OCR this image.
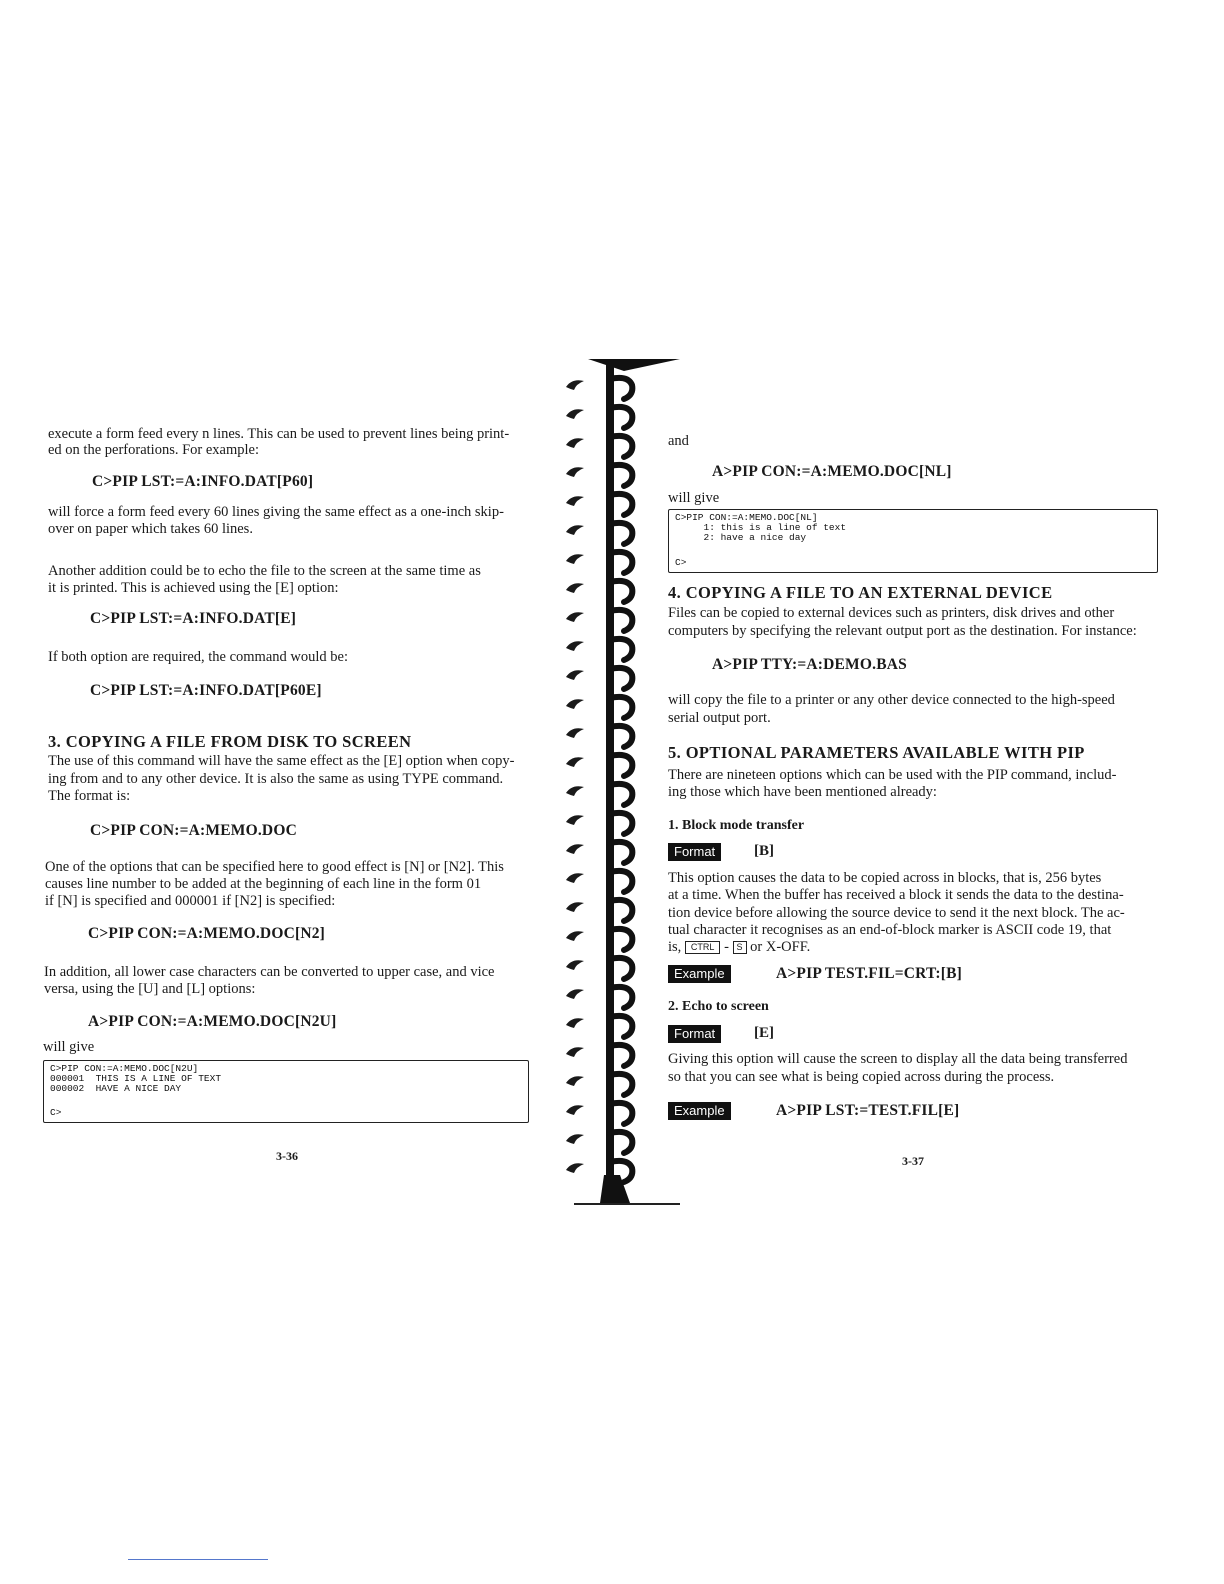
execute a form feed every n lines. This can be used to prevent lines being print-

ed on the perforations. For example:

C>PIP LST:=A:INFO.DAT[P60]

will force a form feed every 60 lines giving the same effect as a one-inch skip-

over on paper which takes 60 lines.

Another addition could be to echo the file to the screen at the same time as

it is printed. This is achieved using the [E] option:

C>PIP LST:=A:INFO.DAT[E]

If both option are required, the command would be:

C>PIP LST:=A:INFO.DAT[P60E]
3. COPYING A FILE FROM DISK TO SCREEN

The use of this command will have the same effect as the [E] option when copy-

ing from and to any other device. It is also the same as using TYPE command.

The format is:

C>PIP CON:=A:MEMO.DOC

One of the options that can be specified here to good effect is [N] or [N2]. This

causes line number to be added at the beginning of each line in the form 01

if [N] is specified and 000001 if [N2] is specified:

C>PIP CON:=A:MEMO.DOC[N2]

In addition, all lower case characters can be converted to upper case, and vice

versa, using the [U] and [L] options:

A>PIP CON:=A:MEMO.DOC[N2U]

will give

C>PIP CON:=A:MEMO.DOC[N2U]
000001  THIS IS A LINE OF TEXT
000002  HAVE A NICE DAY
C>
3-36

and

A>PIP CON:=A:MEMO.DOC[NL]

will give

C>PIP CON:=A:MEMO.DOC[NL]
1: this is a line of text
2: have a nice day
C>
4. COPYING A FILE TO AN EXTERNAL DEVICE

Files can be copied to external devices such as printers, disk drives and other

computers by specifying the relevant output port as the destination. For instance:

A>PIP TTY:=A:DEMO.BAS

will copy the file to a printer or any other device connected to the high-speed

serial output port.

5. OPTIONAL PARAMETERS AVAILABLE WITH PIP

There are nineteen options which can be used with the PIP command, includ-

ing those which have been mentioned already:

1. Block mode transfer
Format	[B]

This option causes the data to be copied across in blocks, that is, 256 bytes

at a time. When the buffer has received a block it sends the data to the destina-

tion device before allowing the source device to send it the next block. The ac-

tual character it recognises as an end-of-block marker is ASCII code 19, that

is, CTRL - S or X-OFF.

Example	A>PIP TEST.FIL=CRT:[B]
2. Echo to screen
Format	[E]

Giving this option will cause the screen to display all the data being transferred

so that you can see what is being copied across during the process.

Example	A>PIP LST:=TEST.FIL[E]
3-37
